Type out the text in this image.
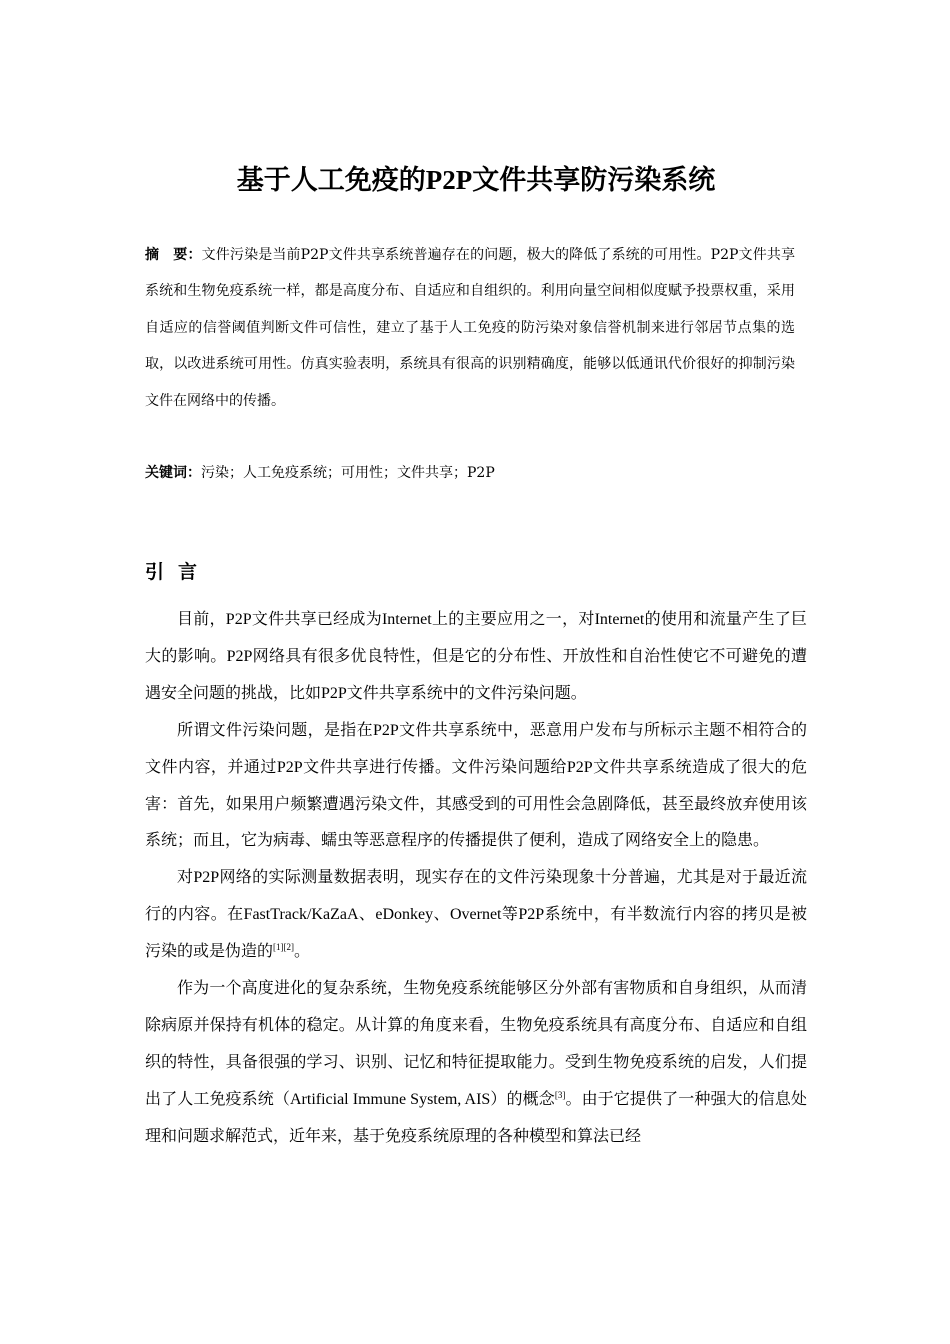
基于人工免疫的P2P文件共享防污染系统
摘　要：文件污染是当前P2P文件共享系统普遍存在的问题，极大的降低了系统的可用性。P2P文件共享系统和生物免疫系统一样，都是高度分布、自适应和自组织的。利用向量空间相似度赋予投票权重，采用自适应的信誉阈值判断文件可信性，建立了基于人工免疫的防污染对象信誉机制来进行邻居节点集的选取，以改进系统可用性。仿真实验表明，系统具有很高的识别精确度，能够以低通讯代价很好的抑制污染文件在网络中的传播。
关键词：污染；人工免疫系统；可用性；文件共享；P2P
引言

目前，P2P文件共享已经成为Internet上的主要应用之一，对Internet的使用和流量产生了巨大的影响。P2P网络具有很多优良特性，但是它的分布性、开放性和自治性使它不可避免的遭遇安全问题的挑战，比如P2P文件共享系统中的文件污染问题。

所谓文件污染问题，是指在P2P文件共享系统中，恶意用户发布与所标示主题不相符合的文件内容，并通过P2P文件共享进行传播。文件污染问题给P2P文件共享系统造成了很大的危害：首先，如果用户频繁遭遇污染文件，其感受到的可用性会急剧降低，甚至最终放弃使用该系统；而且，它为病毒、蠕虫等恶意程序的传播提供了便利，造成了网络安全上的隐患。

对P2P网络的实际测量数据表明，现实存在的文件污染现象十分普遍，尤其是对于最近流行的内容。在FastTrack/KaZaA、eDonkey、Overnet等P2P系统中，有半数流行内容的拷贝是被污染的或是伪造的[1][2]。

作为一个高度进化的复杂系统，生物免疫系统能够区分外部有害物质和自身组织，从而清除病原并保持有机体的稳定。从计算的角度来看，生物免疫系统具有高度分布、自适应和自组织的特性，具备很强的学习、识别、记忆和特征提取能力。受到生物免疫系统的启发，人们提出了人工免疫系统（Artificial Immune System, AIS）的概念[3]。由于它提供了一种强大的信息处理和问题求解范式，近年来，基于免疫系统原理的各种模型和算法已经
